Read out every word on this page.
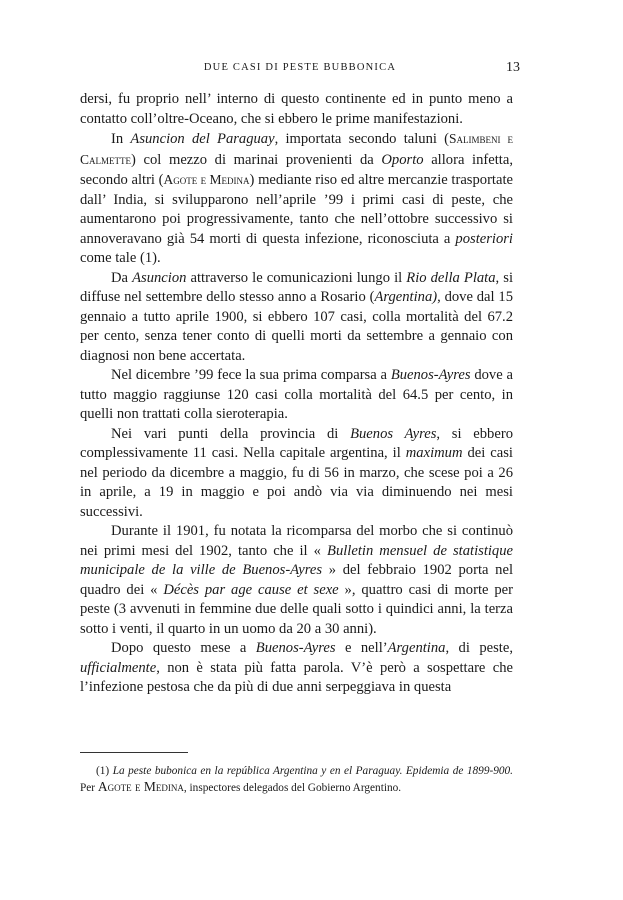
DUE CASI DI PESTE BUBBONICA	13

dersi, fu proprio nell’ interno di questo continente ed in punto meno a contatto coll’oltre-Oceano, che si ebbero le prime manifestazioni.

In Asuncion del Paraguay, importata secondo taluni (Salimbeni e Calmette) col mezzo di marinai provenienti da Oporto allora infetta, secondo altri (Agote e Medina) mediante riso ed altre mercanzie trasportate dall’ India, si svilupparono nell’aprile ’99 i primi casi di peste, che aumentarono poi progressivamente, tanto che nell’ottobre successivo si annoveravano già 54 morti di questa infezione, riconosciuta a posteriori come tale (1).

Da Asuncion attraverso le comunicazioni lungo il Rio della Plata, si diffuse nel settembre dello stesso anno a Rosario (Argentina), dove dal 15 gennaio a tutto aprile 1900, si ebbero 107 casi, colla mortalità del 67.2 per cento, senza tener conto di quelli morti da settembre a gennaio con diagnosi non bene accertata.

Nel dicembre ’99 fece la sua prima comparsa a Buenos-Ayres dove a tutto maggio raggiunse 120 casi colla mortalità del 64.5 per cento, in quelli non trattati colla sieroterapia.

Nei vari punti della provincia di Buenos Ayres, si ebbero complessivamente 11 casi. Nella capitale argentina, il maximum dei casi nel periodo da dicembre a maggio, fu di 56 in marzo, che scese poi a 26 in aprile, a 19 in maggio e poi andò via via diminuendo nei mesi successivi.

Durante il 1901, fu notata la ricomparsa del morbo che si continuò nei primi mesi del 1902, tanto che il « Bulletin mensuel de statistique municipale de la ville de Buenos-Ayres » del febbraio 1902 porta nel quadro dei « Décès par age cause et sexe », quattro casi di morte per peste (3 avvenuti in femmine due delle quali sotto i quindici anni, la terza sotto i venti, il quarto in un uomo da 20 a 30 anni).

Dopo questo mese a Buenos-Ayres e nell’Argentina, di peste, ufficialmente, non è stata più fatta parola. V’è però a sospettare che l’infezione pestosa che da più di due anni serpeggiava in questa

(1) La peste bubonica en la república Argentina y en el Paraguay. Epidemia de 1899-900. Per Agote e Medina, inspectores delegados del Gobierno Argentino.
